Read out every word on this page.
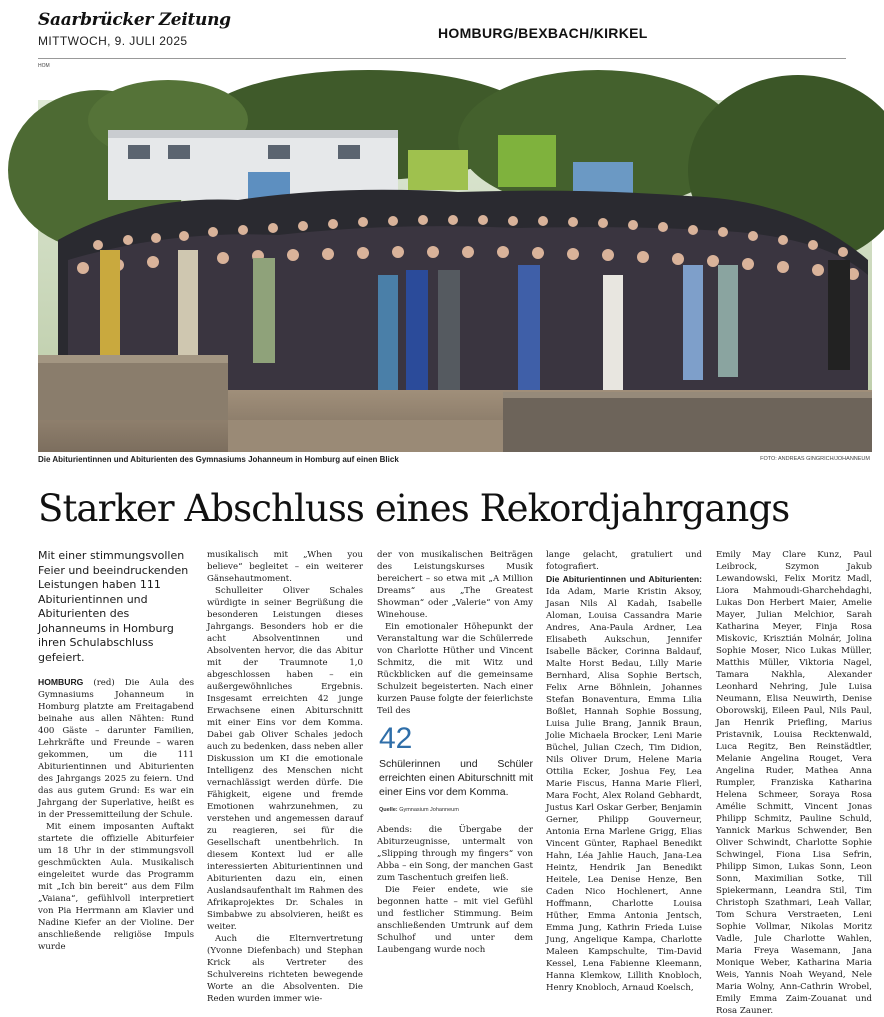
Saarbrücker Zeitung
MITTWOCH, 9. JULI 2025	HOMBURG/BEXBACH/KIRKEL
HOM
Die Abiturientinnen und Abiturienten des Gymnasiums Johanneum in Homburg auf einen Blick	FOTO: ANDREAS GINGRICH/JOHANNEUM
Starker Abschluss eines Rekordjahrgangs
Mit einer stimmungsvollen Feier und beeindruckenden Leistungen haben 111 Abiturientinnen und Abiturienten des Johanneums in Homburg ihren Schulabschluss gefeiert.

HOMBURG (red) Die Aula des Gymnasiums Johanneum in Homburg platzte am Freitagabend beinahe aus allen Nähten: Rund 400 Gäste – darunter Familien, Lehrkräfte und Freunde – waren gekommen, um die 111 Abiturientinnen und Abiturienten des Jahrgangs 2025 zu feiern. Und das aus gutem Grund: Es war ein Jahrgang der Superlative, heißt es in der Pressemitteilung der Schule.

Mit einem imposanten Auftakt startete die offizielle Abiturfeier um 18 Uhr in der stimmungsvoll geschmückten Aula. Musikalisch eingeleitet wurde das Programm mit „Ich bin bereit“ aus dem Film „Vaiana“, gefühlvoll interpretiert von Pia Herrmann am Klavier und Nadine Kiefer an der Violine. Der anschließende religiöse Impuls wurde

musikalisch mit „When you believe“ begleitet – ein weiterer Gänsehautmoment.

Schulleiter Oliver Schales würdigte in seiner Begrüßung die besonderen Leistungen dieses Jahrgangs. Besonders hob er die acht Absolventinnen und Absolventen hervor, die das Abitur mit der Traumnote 1,0 abgeschlossen haben – ein außergewöhnliches Ergebnis. Insgesamt erreichten 42 junge Erwachsene einen Abiturschnitt mit einer Eins vor dem Komma. Dabei gab Oliver Schales jedoch auch zu bedenken, dass neben aller Diskussion um KI die emotionale Intelligenz des Menschen nicht vernachlässigt werden dürfe. Die Fähigkeit, eigene und fremde Emotionen wahrzunehmen, zu verstehen und angemessen darauf zu reagieren, sei für die Gesellschaft unentbehrlich. In diesem Kontext lud er alle interessierten Abiturientinnen und Abiturienten dazu ein, einen Auslandsaufenthalt im Rahmen des Afrikaprojektes Dr. Schales in Simbabwe zu absolvieren, heißt es weiter.

Auch die Elternvertretung (Yvonne Diefenbach) und Stephan Krick als Vertreter des Schulvereins richteten bewegende Worte an die Absolventen. Die Reden wurden immer wie-

der von musikalischen Beiträgen des Leistungskurses Musik bereichert – so etwa mit „A Million Dreams“ aus „The Greatest Showman“ oder „Valerie“ von Amy Winehouse.

Ein emotionaler Höhepunkt der Veranstaltung war die Schülerrede von Charlotte Hüther und Vincent Schmitz, die mit Witz und Rückblicken auf die gemeinsame Schulzeit begeisterten. Nach einer kurzen Pause folgte der feierlichste Teil des

42
Schülerinnen und Schüler erreichten einen Abiturschnitt mit einer Eins vor dem Komma.
Quelle: Gymnasium Johanneum

Abends: die Übergabe der Abiturzeugnisse, untermalt von „Slipping through my fingers“ von Abba – ein Song, der manchen Gast zum Taschentuch greifen ließ.

Die Feier endete, wie sie begonnen hatte – mit viel Gefühl und festlicher Stimmung. Beim anschließenden Umtrunk auf dem Schulhof und unter dem Laubengang wurde noch

lange gelacht, gratuliert und fotografiert.

Die Abiturientinnen und Abiturienten: Ida Adam, Marie Kristin Aksoy, Jasan Nils Al Kadah, Isabelle Aloman, Louisa Cassandra Marie Andres, Ana-Paula Ardner, Lea Elisabeth Aukschun, Jennifer Isabelle Bäcker, Corinna Baldauf, Malte Horst Bedau, Lilly Marie Bernhard, Alisa Sophie Bertsch, Felix Arne Böhnlein, Johannes Stefan Bonaventura, Emma Lilia Boßlet, Hannah Sophie Bossung, Luisa Julie Brang, Jannik Braun, Jolie Michaela Brocker, Leni Marie Büchel, Julian Czech, Tim Didion, Nils Oliver Drum, Helene Maria Ottilia Ecker, Joshua Fey, Lea Marie Fiscus, Hanna Marie Flierl, Mara Focht, Alex Roland Gebhardt, Justus Karl Oskar Gerber, Benjamin Gerner, Philipp Gouverneur, Antonia Erna Marlene Grigg, Elias Vincent Günter, Raphael Benedikt Hahn, Léa Jahlie Hauch, Jana-Lea Heintz, Hendrik Jan Benedikt Heitele, Lea Denise Henze, Ben Caden Nico Hochlenert, Anne Hoffmann, Charlotte Louisa Hüther, Emma Antonia Jentsch, Emma Jung, Kathrin Frieda Luise Jung, Angelique Kampa, Charlotte Maleen Kampschulte, Tim-David Kessel, Lena Fabienne Kleemann, Hanna Klemkow, Lillith Knobloch, Henry Knobloch, Arnaud Koelsch,

Emily May Clare Kunz, Paul Leibrock, Szymon Jakub Lewandowski, Felix Moritz Madl, Liora Mahmoudi-Gharchehdaghi, Lukas Don Herbert Maier, Amelie Mayer, Julian Melchior, Sarah Katharina Meyer, Finja Rosa Miskovic, Krisztián Molnár, Jolina Sophie Moser, Nico Lukas Müller, Matthis Müller, Viktoria Nagel, Tamara Nakhla, Alexander Leonhard Nehring, Jule Luisa Neumann, Elisa Neuwirth, Denise Oborowskij, Eileen Paul, Nils Paul, Jan Henrik Priefling, Marius Pristavnik, Louisa Recktenwald, Luca Regitz, Ben Reinstädtler, Melanie Angelina Rouget, Vera Angelina Ruder, Mathea Anna Rumpler, Franziska Katharina Helena Schmeer, Soraya Rosa Amélie Schmitt, Vincent Jonas Philipp Schmitz, Pauline Schuld, Yannick Markus Schwender, Ben Oliver Schwindt, Charlotte Sophie Schwingel, Fiona Lisa Sefrin, Philipp Simon, Lukas Sonn, Leon Sonn, Maximilian Sotke, Till Spiekermann, Leandra Stil, Tim Christoph Szathmari, Leah Vallar, Tom Schura Verstraeten, Leni Sophie Vollmar, Nikolas Moritz Vadle, Jule Charlotte Wahlen, Maria Freya Wasemann, Jana Monique Weber, Katharina Maria Weis, Yannis Noah Weyand, Nele Maria Wolny, Ann-Cathrin Wrobel, Emily Emma Zaim-Zouanat und Rosa Zauner.
